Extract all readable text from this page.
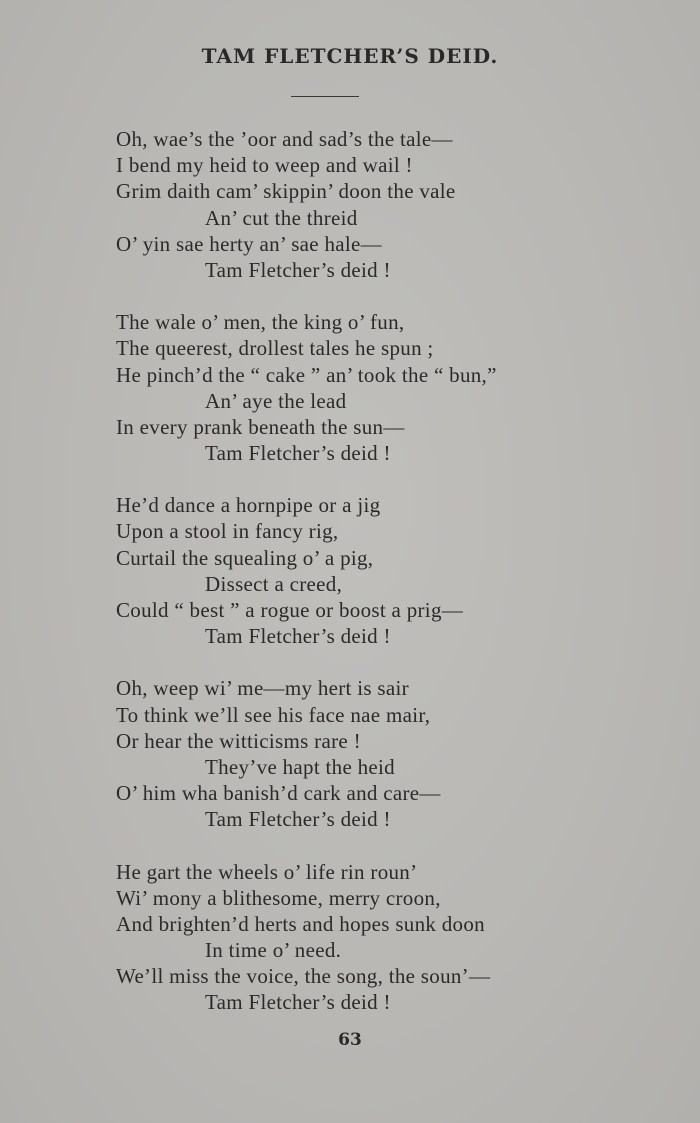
TAM FLETCHER’S DEID.
Oh, wae’s the ’oor and sad’s the tale—
I bend my heid to weep and wail !
Grim daith cam’ skippin’ doon the vale
An’ cut the threid
O’ yin sae herty an’ sae hale—
Tam Fletcher’s deid !
The wale o’ men, the king o’ fun,
The queerest, drollest tales he spun ;
He pinch’d the “ cake ” an’ took the “ bun,”
An’ aye the lead
In every prank beneath the sun—
Tam Fletcher’s deid !
He’d dance a hornpipe or a jig
Upon a stool in fancy rig,
Curtail the squealing o’ a pig,
Dissect a creed,
Could “ best ” a rogue or boost a prig—
Tam Fletcher’s deid !
Oh, weep wi’ me—my hert is sair
To think we’ll see his face nae mair,
Or hear the witticisms rare !
They’ve hapt the heid
O’ him wha banish’d cark and care—
Tam Fletcher’s deid !
He gart the wheels o’ life rin roun’
Wi’ mony a blithesome, merry croon,
And brighten’d herts and hopes sunk doon
In time o’ need.
We’ll miss the voice, the song, the soun’—
Tam Fletcher’s deid !
63
